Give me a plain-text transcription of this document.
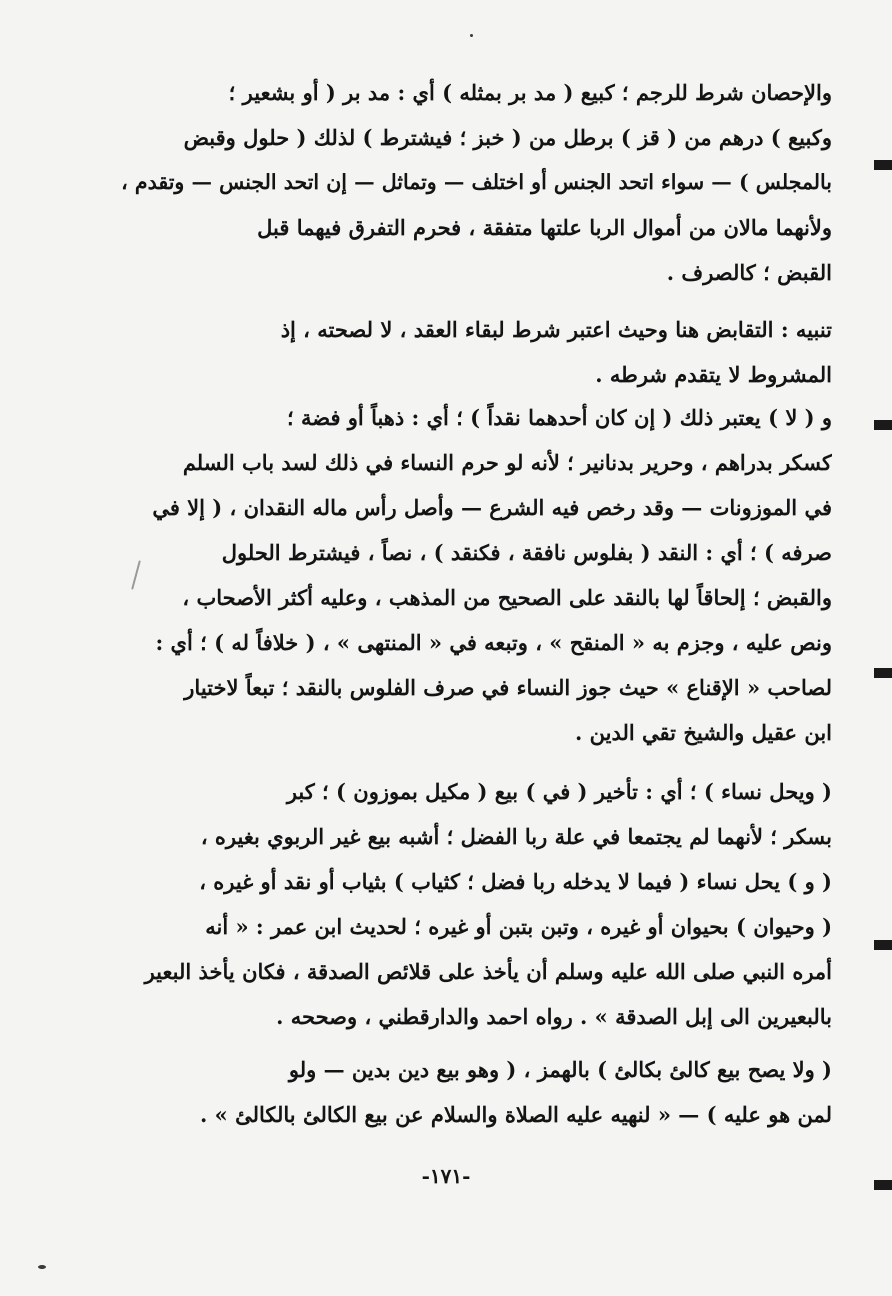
والإحصان شرط للرجم ؛ كبيع ( مد بر بمثله ) أي : مد بر ( أو بشعير ؛
وكبيع ) درهم من ( قز ) برطل من ( خبز ؛ فيشترط ) لذلك ( حلول وقبض
بالمجلس ) — سواء اتحد الجنس أو اختلف — وتماثل — إن اتحد الجنس — وتقدم ،
ولأنهما مالان من أموال الربا علتها متفقة ، فحرم التفرق فيهما قبل
القبض ؛ كالصرف .
تنبيه : التقابض هنا وحيث اعتبر شرط لبقاء العقد ، لا لصحته ، إذ
المشروط لا يتقدم شرطه .
و ( لا ) يعتبر ذلك ( إن كان أحدهما نقداً ) ؛ أي : ذهباً أو فضة ؛
كسكر بدراهم ، وحرير بدنانير ؛ لأنه لو حرم النساء في ذلك لسد باب السلم
في الموزونات — وقد رخص فيه الشرع — وأصل رأس ماله النقدان ، ( إلا في
صرفه ) ؛ أي : النقد ( بفلوس نافقة ، فكنقد ) ، نصاً ، فيشترط الحلول
والقبض ؛ إلحاقاً لها بالنقد على الصحيح من المذهب ، وعليه أكثر الأصحاب ،
ونص عليه ، وجزم به « المنقح » ، وتبعه في « المنتهى » ، ( خلافاً له ) ؛ أي :
لصاحب « الإقناع » حيث جوز النساء في صرف الفلوس بالنقد ؛ تبعاً لاختيار
ابن عقيل والشيخ تقي الدين .
( ويحل نساء ) ؛ أي : تأخير ( في ) بيع ( مكيل بموزون ) ؛ كبر
بسكر ؛ لأنهما لم يجتمعا في علة ربا الفضل ؛ أشبه بيع غير الربوي بغيره ،
( و ) يحل نساء ( فيما لا يدخله ربا فضل ؛ كثياب ) بثياب أو نقد أو غيره ،
( وحيوان ) بحيوان أو غيره ، وتبن بتبن أو غيره ؛ لحديث ابن عمر : « أنه
أمره النبي صلى الله عليه وسلم أن يأخذ على قلائص الصدقة ، فكان يأخذ البعير
بالبعيرين الى إبل الصدقة » . رواه احمد والدارقطني ، وصححه .
( ولا يصح بيع كالئ بكالئ ) بالهمز ، ( وهو بيع دين بدين — ولو
لمن هو عليه ) — « لنهيه عليه الصلاة والسلام عن بيع الكالئ بالكالئ » .
-١٧١-
